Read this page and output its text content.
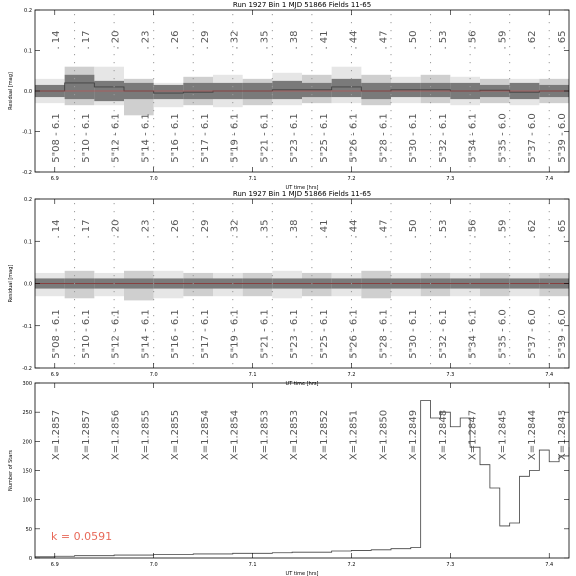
. 14 . 17 . 20 . 23 . 26 . 29 . 32 . 35 . 38 . 41 . 44 . 47 . 50 . 53 . 56 . 59 . 62 . 65
5"08 - 6.1 5"10 - 6.1 5"12 - 6.1 5"14 - 6.1 5"16 - 6.1 5"17 - 6.1 5"19 - 6.1 5"21 - 6.1 5"23 - 6.1 5"25 - 6.1 5"26 - 6.1 5"28 - 6.1 5"30 - 6.1 5"32 - 6.1 5"34 - 6.1 5"35 - 6.0 5"37 - 6.0 5"39 - 6.0
6.9	7.0	7.1	7.2	7.3	7.4
-0.2
-0.1
0.0
0.1
0.2
UT time [hrs]
Residual [mag]
Run 1927 Bin 1 MJD 51866 Fields 11-65
. 14 . 17 . 20 . 23 . 26 . 29 . 32 . 35 . 38 . 41 . 44 . 47 . 50 . 53 . 56 . 59 . 62 . 65
5"08 - 6.1 5"10 - 6.1 5"12 - 6.1 5"14 - 6.1 5"16 - 6.1 5"17 - 6.1 5"19 - 6.1 5"21 - 6.1 5"23 - 6.1 5"25 - 6.1 5"26 - 6.1 5"28 - 6.1 5"30 - 6.1 5"32 - 6.1 5"34 - 6.1 5"35 - 6.0 5"37 - 6.0 5"39 - 6.0
6.9	7.0	7.1	7.2	7.3	7.4
-0.2
-0.1
0.0
0.1
0.2
UT time [hrs]
Residual [mag]
Run 1927 Bin 1 MJD 51866 Fields 11-65
X=1.2857 X=1.2857 X=1.2856 X=1.2855 X=1.2855 X=1.2854 X=1.2854 X=1.2853 X=1.2853 X=1.2852 X=1.2851 X=1.2850 X=1.2849 X=1.2848 X=1.2847 X=1.2845 X=1.2844 X=1.2843
k = 0.0591
6.9	7.0	7.1	7.2	7.3	7.4
0
50
100
150
200
250
300
UT time [hrs]
Number of Stars
